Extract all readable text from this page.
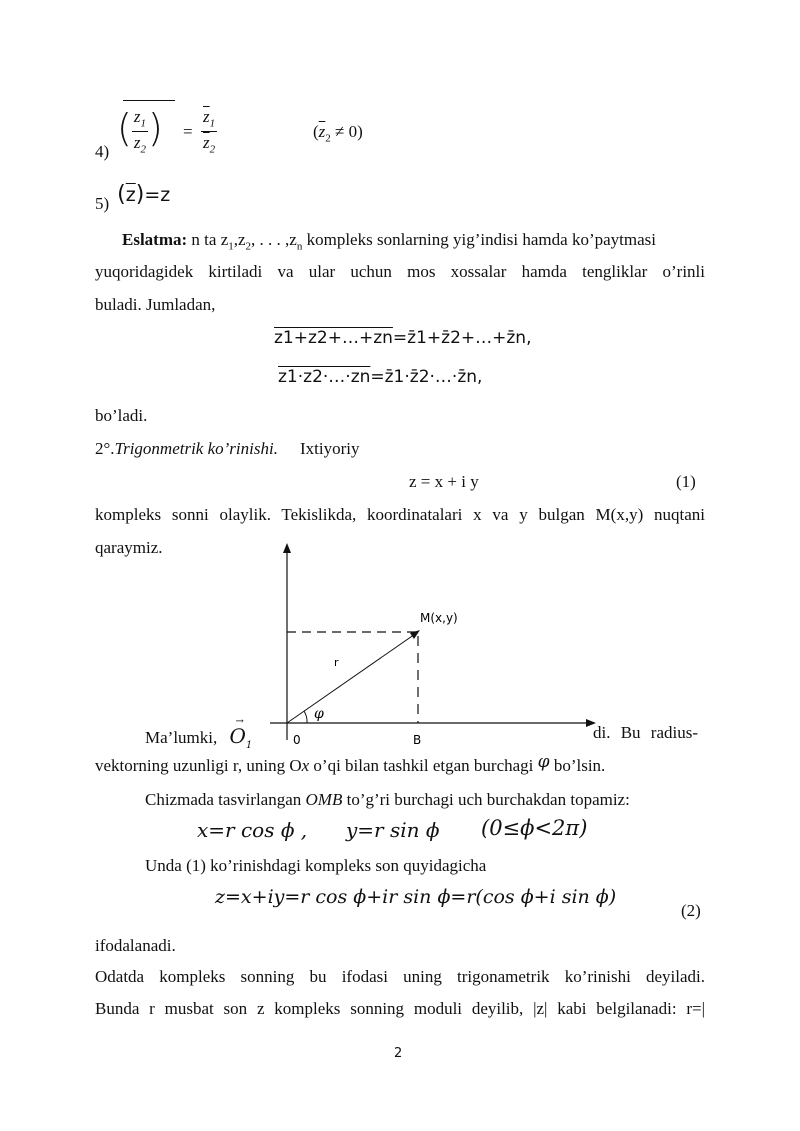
4)
( $\frac{z_1}{z_2}$ ) = $\frac{\overline{z}_1}{\overline{z}_2}$	$(\overline{z}_2 \ne 0)$
5) $(\overline{z})=z$
Eslatma: n ta $z_1,z_2$, . . . $,z_n$ kompleks sonlarning yig’indisi hamda ko’paytmasi
yuqoridagidek kirtiladi va ular uchun mos xossalar hamda tengliklar o’rinli
buladi. Jumladan,
z1+z2+…+zn=z̄1+z̄2+…+z̄n,
z1·z2·…·zn=z̄1·z̄2·…·z̄n,
bo’ladi.
2°.Trigonmetrik ko’rinishi. Ixtiyoriy
z = x + i y	(1)
kompleks sonni olaylik. Tekislikda, koordinatalari x va y bulgan M(x,y) nuqtani
qaraymiz.
M(x,y)
r
φ
0	B
Ma’lumki,
→
$O_1$
di. Bu radius-
vektorning uzunligi r, uning Ox o’qi bilan tashkil etgan burchagi φ bo’lsin.
Chizmada tasvirlangan OMB to’g’ri burchagi uch burchakdan topamiz:
x=r cos ϕ , y=r sin ϕ (0≤ϕ<2π)
Unda (1) ko’rinishdagi kompleks son quyidagicha
z=x+iy=r cos ϕ+ir sin ϕ=r(cos ϕ+i sin ϕ)
(2)
ifodalanadi.
Odatda kompleks sonning bu ifodasi uning trigonametrik ko’rinishi deyiladi.
Bunda r musbat son z kompleks sonning moduli deyilib, |z| kabi belgilanadi: r=|
2
